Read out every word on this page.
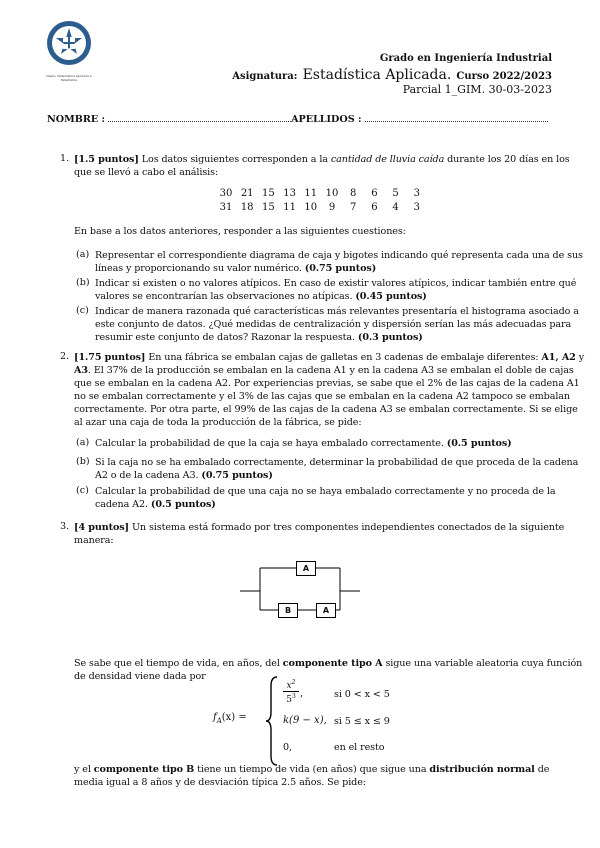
Depto. Matemática Aplicada a
Estadística
Grado en Ingeniería Industrial
Asignatura: Estadística Aplicada. Curso 2022/2023
Parcial 1_GIM. 30-03-2023
NOMBRE :	APELLIDOS :
1. [1.5 puntos] Los datos siguientes corresponden a la cantidad de lluvia caída durante los 20 días en los
que se llevó a cabo el análisis:
30 21 15 13 11 10	8	6	5	3
31 18 15 11 10	9	7	6	4	3
En base a los datos anteriores, responder a las siguientes cuestiones:
(a) Representar el correspondiente diagrama de caja y bigotes indicando qué representa cada una de sus
líneas y proporcionando su valor numérico. (0.75 puntos)
(b) Indicar si existen o no valores atípicos. En caso de existir valores atípicos, indicar también entre qué
valores se encontrarían las observaciones no atípicas. (0.45 puntos)
(c) Indicar de manera razonada qué características más relevantes presentaría el histograma asociado a
este conjunto de datos. ¿Qué medidas de centralización y dispersión serían las más adecuadas para
resumir este conjunto de datos? Razonar la respuesta. (0.3 puntos)
2. [1.75 puntos] En una fábrica se embalan cajas de galletas en 3 cadenas de embalaje diferentes: A1, A2 y
A3. El 37% de la producción se embalan en la cadena A1 y en la cadena A3 se embalan el doble de cajas
que se embalan en la cadena A2. Por experiencias previas, se sabe que el 2% de las cajas de la cadena A1
no se embalan correctamente y el 3% de las cajas que se embalan en la cadena A2 tampoco se embalan
correctamente. Por otra parte, el 99% de las cajas de la cadena A3 se embalan correctamente. Si se elige
al azar una caja de toda la producción de la fábrica, se pide:
(a) Calcular la probabilidad de que la caja se haya embalado correctamente. (0.5 puntos)
(b) Si la caja no se ha embalado correctamente, determinar la probabilidad de que proceda de la cadena
A2 o de la cadena A3. (0.75 puntos)
(c) Calcular la probabilidad de que una caja no se haya embalado correctamente y no proceda de la
cadena A2. (0.5 puntos)
3. [4 puntos] Un sistema está formado por tres componentes independientes conectados de la siguiente
manera:
A
B	A
Se sabe que el tiempo de vida, en años, del componente tipo A sigue una variable aleatoria cuya función
de densidad viene dada por
$f_A(x)$ =
$x^2$
$5^3$ ,	si 0 < x < 5
k(9 − x), si 5 ≤ x ≤ 9
0,	en el resto
y el componente tipo B tiene un tiempo de vida (en años) que sigue una distribución normal de
media igual a 8 años y de desviación típica 2.5 años. Se pide:
